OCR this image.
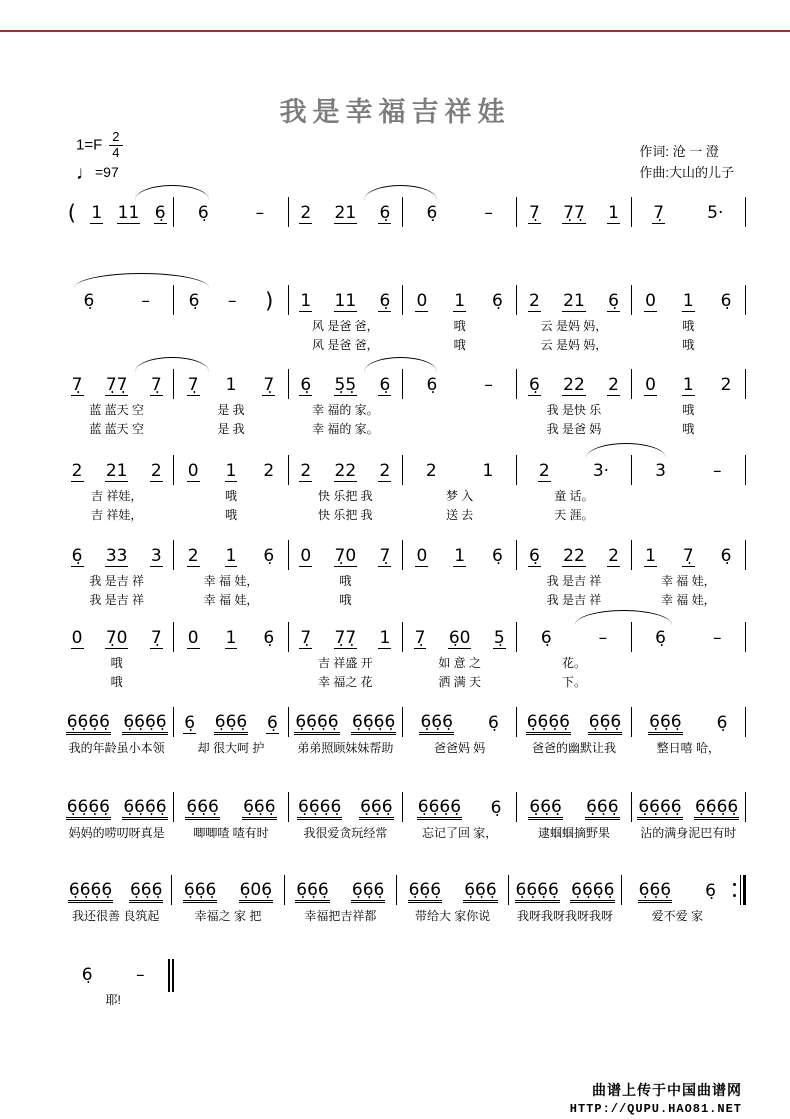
我是幸福吉祥娃
$1=F \frac{2}{4}$
♩=97
作词: 沧 一 澄
作曲:大山的儿子
( 1 11 6̣ 6̣	– 2 21 6̣ 6̣	– 7̣ 7̣7̣ 1 7̣	5·
6̣	– 6̣ – ) 1 11 6̣
风 是爸 爸，
风 是爸 爸，
0 1 6̣
哦
哦
2 21 6̣
云 是妈 妈，
云 是妈 妈，
0 1 6̣
哦
哦
7̣ 7̣7̣ 7̣
蓝 蓝天 空
蓝 蓝天 空
7̣ 1 7̣
是 我
是 我
6̣ 5̣5̣ 6̣
幸 福的 家。
幸 福的 家。
6̣	– 6̣ 22 2
我 是快 乐
我 是爸 妈
0 1 2
哦
哦
2 21 2
吉 祥娃，
吉 祥娃，
0 1 2
哦
哦
2 22 2
快 乐把 我
快 乐把 我
2	1
梦 入
送 去
2	3·
童 话。
天 涯。
3	–
6̣ 33 3
我 是吉 祥
我 是吉 祥
2 1 6̣
幸 福 娃，
幸 福 娃，
0 7̣0 7̣
哦
哦
0 1 6̣ 6̣ 22 2
我 是吉 祥
我 是吉 祥
1 7̣ 6̣
幸 福 娃，
幸 福 娃，
0 7̣0 7̣
哦
哦
0 1 6̣ 7̣ 7̣7̣ 1
吉 祥盛 开
幸 福之 花
7̣ 6̣0 5̣
如 意 之
洒 满 天
6̣	–
花。
下。
6̣	–
6̣6̣6̣6̣ 6̣6̣6̣6̣
我的年龄虽小本领
6̣ 6̣6̣6̣ 6̣
却 很大呵 护
6̣6̣6̣6̣ 6̣6̣6̣6̣
弟弟照顾妹妹帮助
6̣6̣6̣ 6̣
爸爸妈 妈
6̣6̣6̣6̣ 6̣6̣6̣
爸爸的幽默让我
6̣6̣6̣ 6̣
整日嘻 哈，
6̣6̣6̣6̣ 6̣6̣6̣6̣
妈妈的唠叨呀真是
6̣6̣6̣ 6̣6̣6̣
唧唧喳 喳有时
6̣6̣6̣6̣ 6̣6̣6̣
我很爱贪玩经常
6̣6̣6̣6̣ 6̣
忘记了回 家，
6̣6̣6̣ 6̣6̣6̣
逮蝈蝈摘野果
6̣6̣6̣6̣ 6̣6̣6̣6̣
沾的满身泥巴有时
6̣6̣6̣6̣ 6̣6̣6̣
我还很善 良筑起
6̣6̣6̣ 6̣06̣
幸福之 家 把
6̣6̣6̣ 6̣6̣6̣
幸福把吉祥都
6̣6̣6̣ 6̣6̣6̣
带给大 家你说
6̣6̣6̣6̣ 6̣6̣6̣6̣
我呀我呀我呀我呀
6̣6̣6̣ 6̣
爱不爱 家
6̣	–
耶!
曲谱上传于中国曲谱网
HTTP://QUPU.HAO81.NET
